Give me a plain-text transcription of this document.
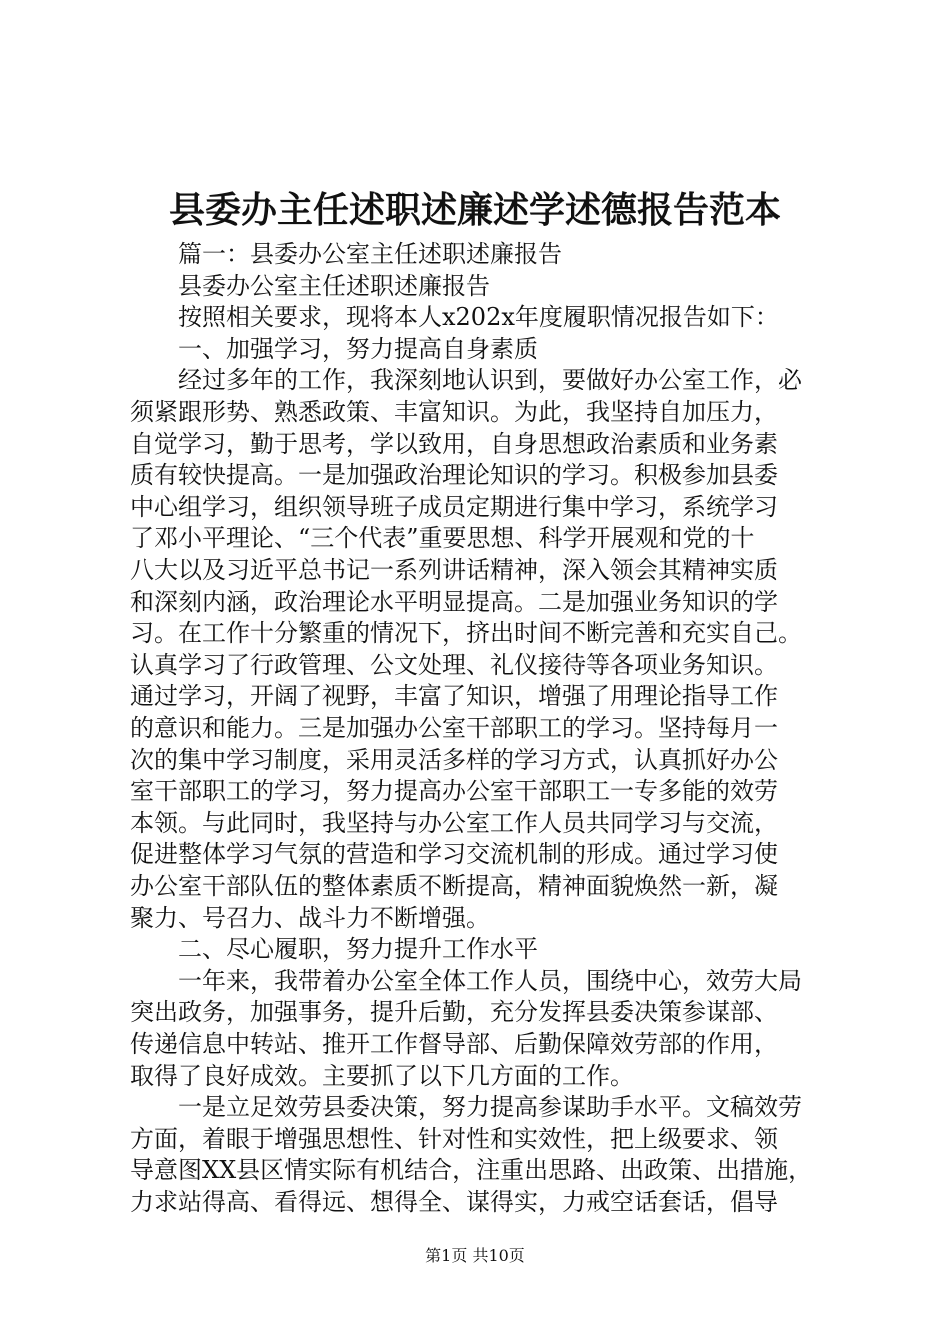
县委办主任述职述廉述学述德报告范本
篇一：县委办公室主任述职述廉报告
县委办公室主任述职述廉报告
按照相关要求，现将本人x202x年度履职情况报告如下：
一、加强学习，努力提高自身素质
经过多年的工作，我深刻地认识到，要做好办公室工作，必
须紧跟形势、熟悉政策、丰富知识。为此，我坚持自加压力，
自觉学习，勤于思考，学以致用，自身思想政治素质和业务素
质有较快提高。一是加强政治理论知识的学习。积极参加县委
中心组学习，组织领导班子成员定期进行集中学习，系统学习
了邓小平理论、“三个代表”重要思想、科学开展观和党的十
八大以及习近平总书记一系列讲话精神，深入领会其精神实质
和深刻内涵，政治理论水平明显提高。二是加强业务知识的学
习。在工作十分繁重的情况下，挤出时间不断完善和充实自己。
认真学习了行政管理、公文处理、礼仪接待等各项业务知识。
通过学习，开阔了视野，丰富了知识，增强了用理论指导工作
的意识和能力。三是加强办公室干部职工的学习。坚持每月一
次的集中学习制度，采用灵活多样的学习方式，认真抓好办公
室干部职工的学习，努力提高办公室干部职工一专多能的效劳
本领。与此同时，我坚持与办公室工作人员共同学习与交流，
促进整体学习气氛的营造和学习交流机制的形成。通过学习使
办公室干部队伍的整体素质不断提高，精神面貌焕然一新，凝
聚力、号召力、战斗力不断增强。
二、尽心履职，努力提升工作水平
一年来，我带着办公室全体工作人员，围绕中心，效劳大局
突出政务，加强事务，提升后勤，充分发挥县委决策参谋部、
传递信息中转站、推开工作督导部、后勤保障效劳部的作用，
取得了良好成效。主要抓了以下几方面的工作。
一是立足效劳县委决策，努力提高参谋助手水平。文稿效劳
方面，着眼于增强思想性、针对性和实效性，把上级要求、领
导意图XX县区情实际有机结合，注重出思路、出政策、出措施，
力求站得高、看得远、想得全、谋得实，力戒空话套话，倡导
第1页 共10页
